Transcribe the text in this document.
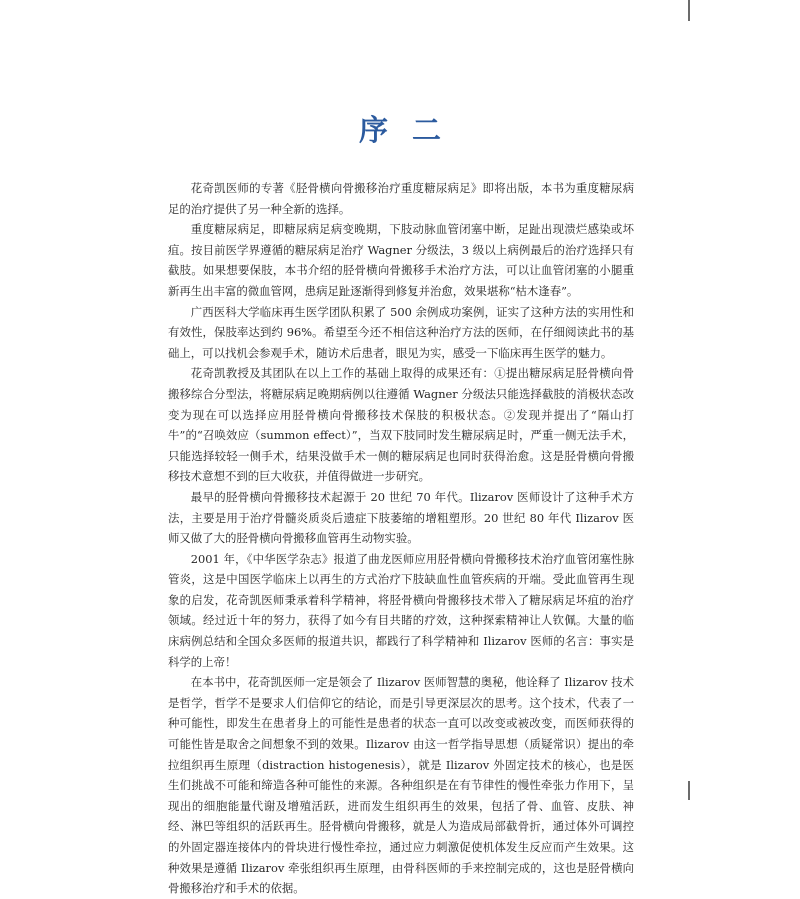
序二

花奇凯医师的专著《胫骨横向骨搬移治疗重度糖尿病足》即将出版，本书为重度糖尿病足的治疗提供了另一种全新的选择。

重度糖尿病足，即糖尿病足病变晚期，下肢动脉血管闭塞中断，足趾出现溃烂感染或坏疽。按目前医学界遵循的糖尿病足治疗 Wagner 分级法，3 级以上病例最后的治疗选择只有截肢。如果想要保肢，本书介绍的胫骨横向骨搬移手术治疗方法，可以让血管闭塞的小腿重新再生出丰富的微血管网，患病足趾逐渐得到修复并治愈，效果堪称“枯木逢春”。

广西医科大学临床再生医学团队积累了 500 余例成功案例，证实了这种方法的实用性和有效性，保肢率达到约 96%。希望至今还不相信这种治疗方法的医师，在仔细阅读此书的基础上，可以找机会参观手术，随访术后患者，眼见为实，感受一下临床再生医学的魅力。

花奇凯教授及其团队在以上工作的基础上取得的成果还有：①提出糖尿病足胫骨横向骨搬移综合分型法，将糖尿病足晚期病例以往遵循 Wagner 分级法只能选择截肢的消极状态改变为现在可以选择应用胫骨横向骨搬移技术保肢的积极状态。②发现并提出了“隔山打牛”的“召唤效应（summon effect）”，当双下肢同时发生糖尿病足时，严重一侧无法手术，只能选择较轻一侧手术，结果没做手术一侧的糖尿病足也同时获得治愈。这是胫骨横向骨搬移技术意想不到的巨大收获，并值得做进一步研究。

最早的胫骨横向骨搬移技术起源于 20 世纪 70 年代。Ilizarov 医师设计了这种手术方法，主要是用于治疗骨髓炎质炎后遗症下肢萎缩的增粗塑形。20 世纪 80 年代 Ilizarov 医师又做了大的胫骨横向骨搬移血管再生动物实验。

2001 年，《中华医学杂志》报道了曲龙医师应用胫骨横向骨搬移技术治疗血管闭塞性脉管炎，这是中国医学临床上以再生的方式治疗下肢缺血性血管疾病的开端。受此血管再生现象的启发，花奇凯医师秉承着科学精神，将胫骨横向骨搬移技术带入了糖尿病足坏疽的治疗领域。经过近十年的努力，获得了如今有目共睹的疗效，这种探索精神让人钦佩。大量的临床病例总结和全国众多医师的报道共识，都践行了科学精神和 Ilizarov 医师的名言：事实是科学的上帝！

在本书中，花奇凯医师一定是领会了 Ilizarov 医师智慧的奥秘，他诠释了 Ilizarov 技术是哲学，哲学不是要求人们信仰它的结论，而是引导更深层次的思考。这个技术，代表了一种可能性，即发生在患者身上的可能性是患者的状态一直可以改变或被改变，而医师获得的可能性皆是取舍之间想象不到的效果。Ilizarov 由这一哲学指导思想（质疑常识）提出的牵拉组织再生原理（distraction histogenesis），就是 Ilizarov 外固定技术的核心，也是医生们挑战不可能和缔造各种可能性的来源。各种组织是在有节律性的慢性牵张力作用下，呈现出的细胞能量代谢及增殖活跃，进而发生组织再生的效果，包括了骨、血管、皮肤、神经、淋巴等组织的活跃再生。胫骨横向骨搬移，就是人为造成局部截骨折，通过体外可调控的外固定器连接体内的骨块进行慢性牵拉，通过应力刺激促使机体发生反应而产生效果。这种效果是遵循 Ilizarov 牵张组织再生原理，由骨科医师的手来控制完成的，这也是胫骨横向骨搬移治疗和手术的依据。
